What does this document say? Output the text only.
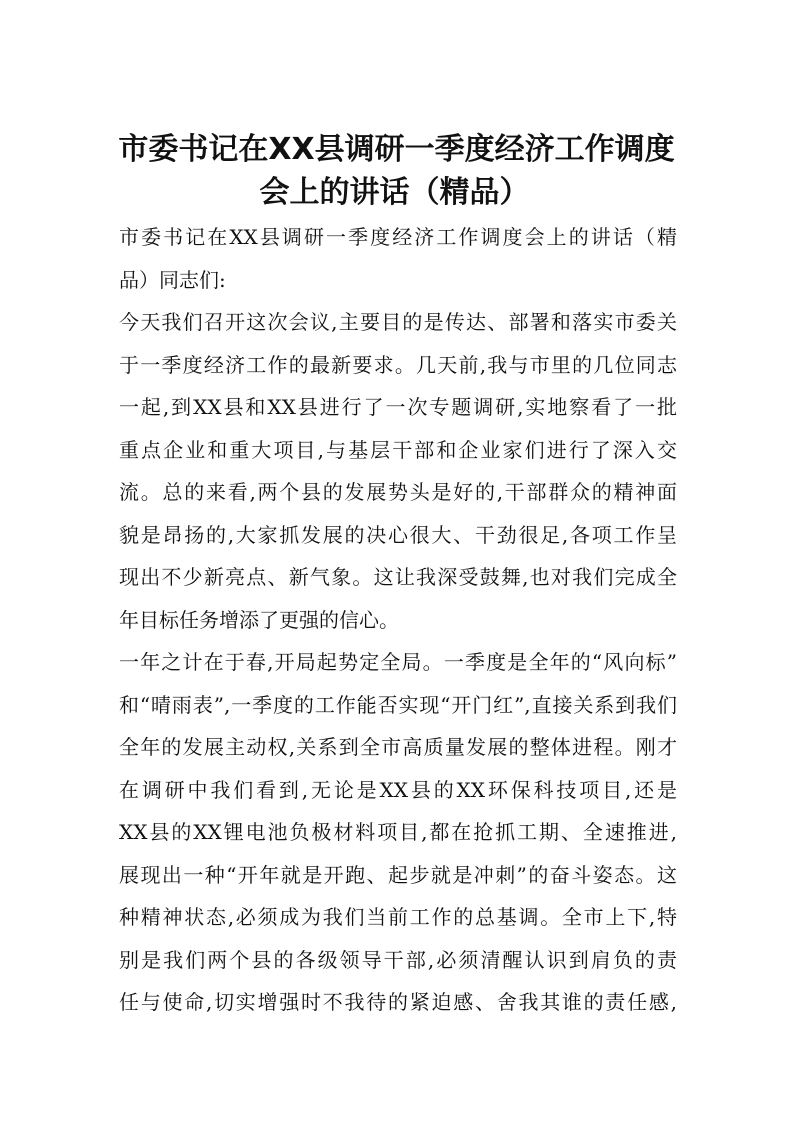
市委书记在XX县调研一季度经济工作调度
会上的讲话（精品）
市委书记在XX县调研一季度经济工作调度会上的讲话（精
品）同志们:
今天我们召开这次会议,主要目的是传达、部署和落实市委关
于一季度经济工作的最新要求。几天前,我与市里的几位同志
一起,到XX县和XX县进行了一次专题调研,实地察看了一批
重点企业和重大项目,与基层干部和企业家们进行了深入交
流。总的来看,两个县的发展势头是好的,干部群众的精神面
貌是昂扬的,大家抓发展的决心很大、干劲很足,各项工作呈
现出不少新亮点、新气象。这让我深受鼓舞,也对我们完成全
年目标任务增添了更强的信心。
一年之计在于春,开局起势定全局。一季度是全年的“风向标”
和“晴雨表”,一季度的工作能否实现“开门红”,直接关系到我们
全年的发展主动权,关系到全市高质量发展的整体进程。刚才
在调研中我们看到,无论是XX县的XX环保科技项目,还是
XX县的XX锂电池负极材料项目,都在抢抓工期、全速推进,
展现出一种“开年就是开跑、起步就是冲刺”的奋斗姿态。这
种精神状态,必须成为我们当前工作的总基调。全市上下,特
别是我们两个县的各级领导干部,必须清醒认识到肩负的责
任与使命,切实增强时不我待的紧迫感、舍我其谁的责任感,
